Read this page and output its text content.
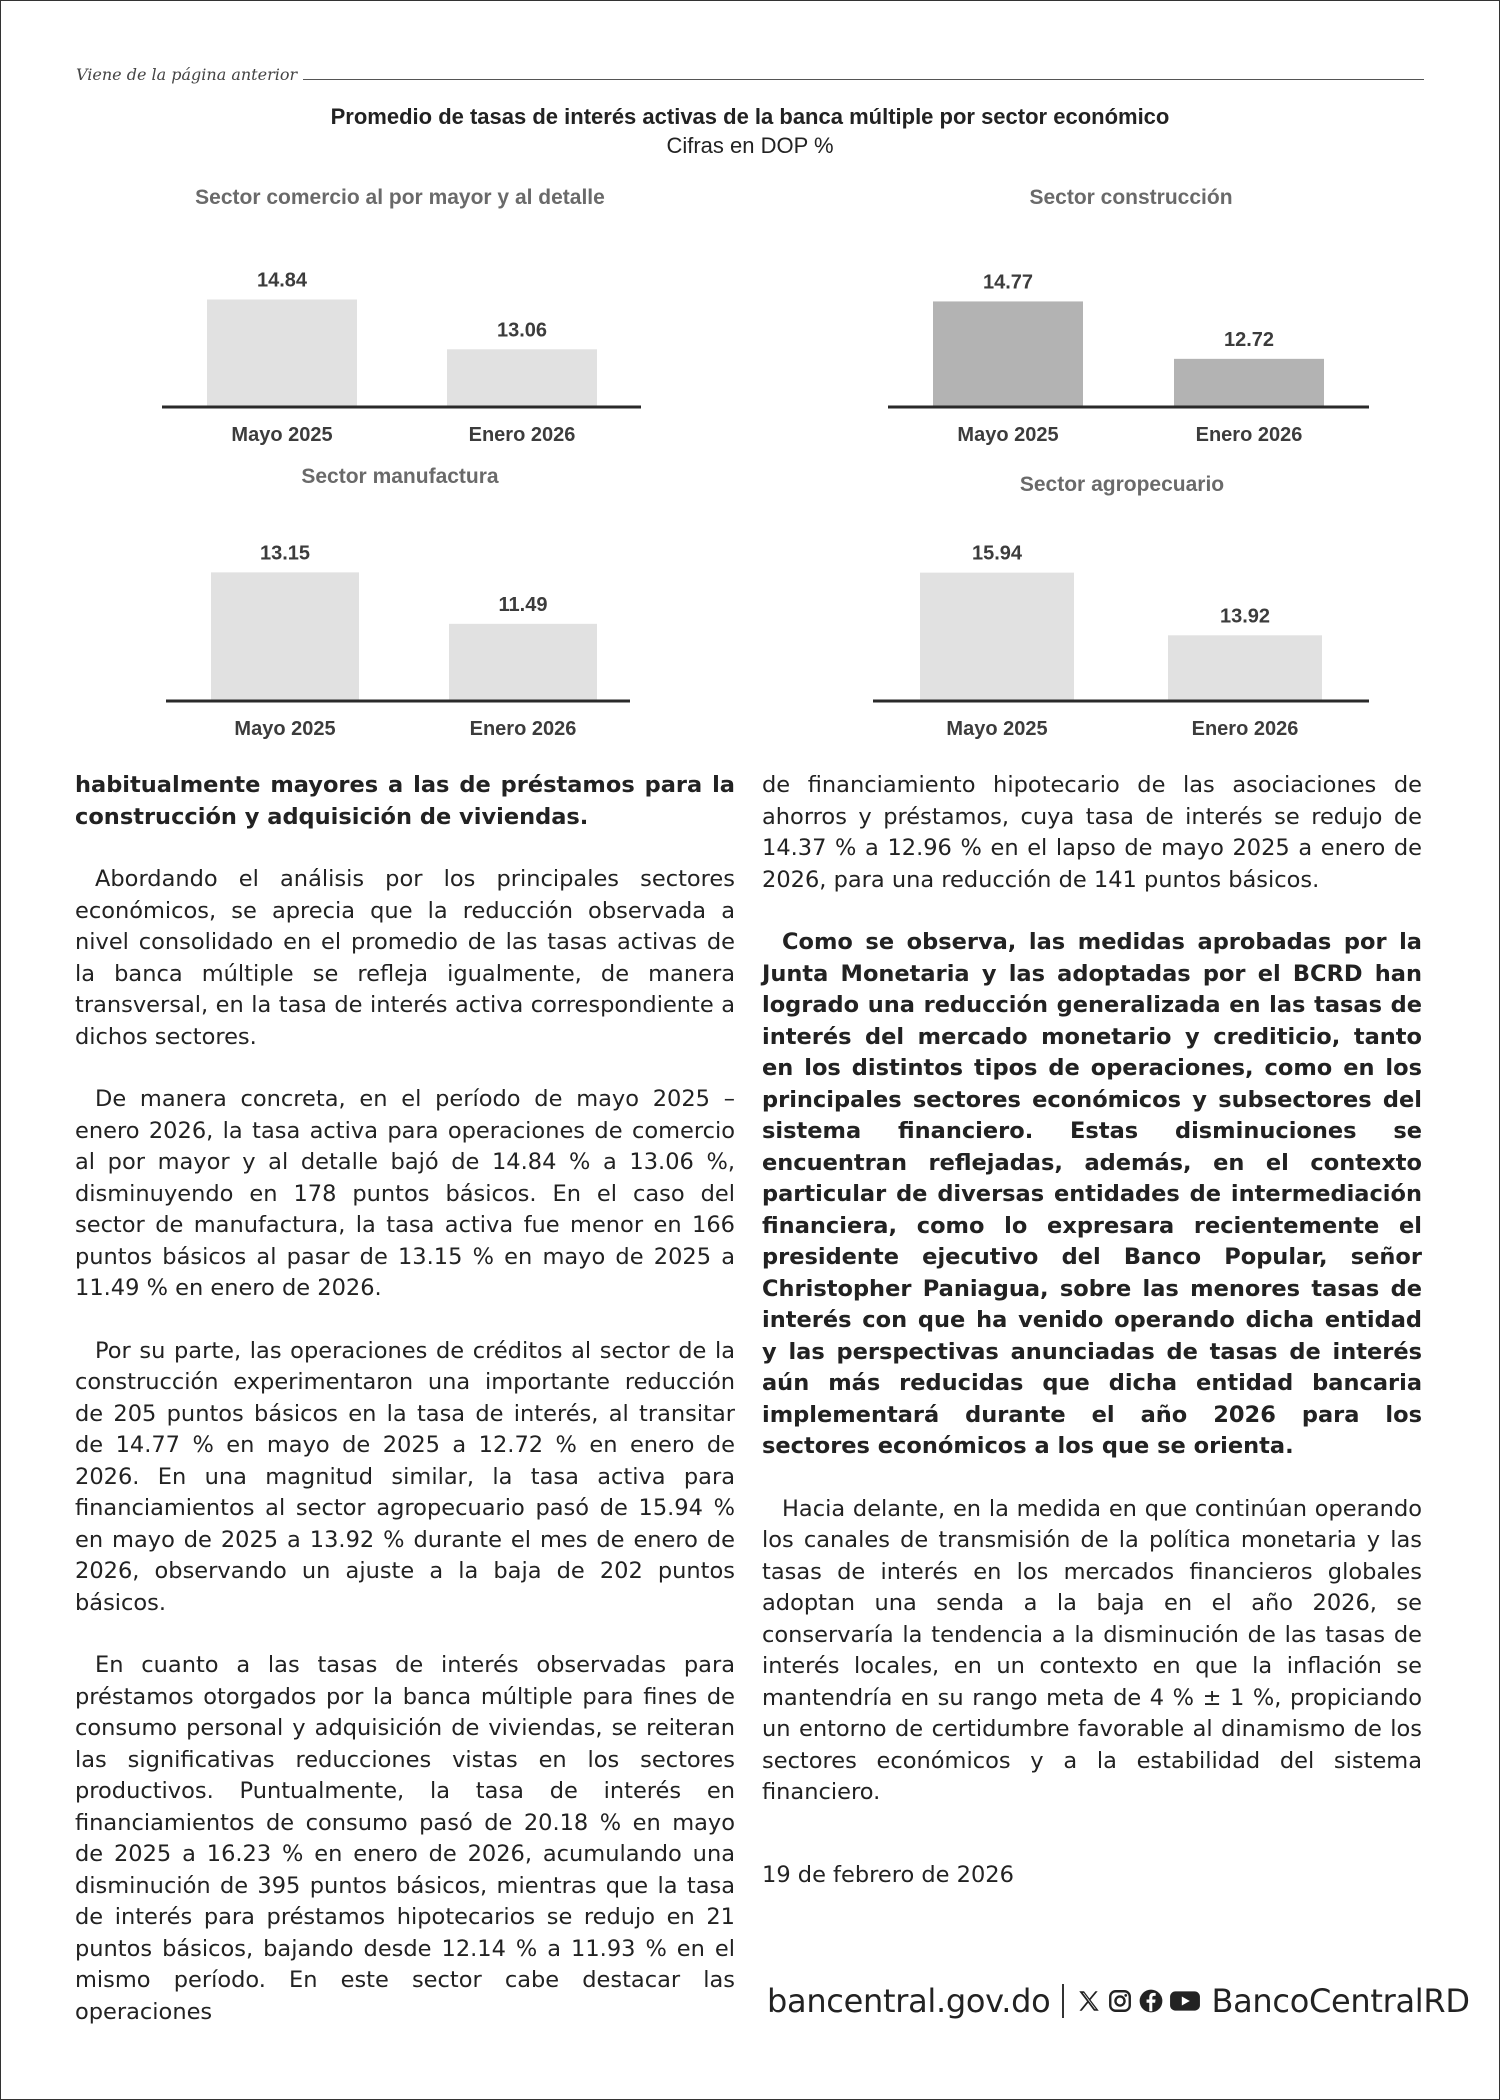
Viene de la página anterior
Promedio de tasas de interés activas de la banca múltiple por sector económico
Cifras en DOP %
Sector comercio al por mayor y al detalle
14.84
Mayo 2025
13.06
Enero 2026
Sector construcción
14.77
Mayo 2025
12.72
Enero 2026
Sector manufactura
13.15
Mayo 2025
11.49
Enero 2026
Sector agropecuario
15.94
Mayo 2025
13.92
Enero 2026

habitualmente mayores a las de préstamos para la construcción y adquisición de viviendas.

Abordando el análisis por los principales sectores económicos, se aprecia que la reducción observada a nivel consolidado en el promedio de las tasas activas de la banca múltiple se refleja igualmente, de manera transversal, en la tasa de interés activa correspondiente a dichos sectores.

De manera concreta, en el período de mayo 2025 – enero 2026, la tasa activa para operaciones de comercio al por mayor y al detalle bajó de 14.84 % a 13.06 %, disminuyendo en 178 puntos básicos. En el caso del sector de manufactura, la tasa activa fue menor en 166 puntos básicos al pasar de 13.15 % en mayo de 2025 a 11.49 % en enero de 2026.

Por su parte, las operaciones de créditos al sector de la construcción experimentaron una importante reducción de 205 puntos básicos en la tasa de interés, al transitar de 14.77 % en mayo de 2025 a 12.72 % en enero de 2026. En una magnitud similar, la tasa activa para financiamientos al sector agropecuario pasó de 15.94 % en mayo de 2025 a 13.92 % durante el mes de enero de 2026, observando un ajuste a la baja de 202 puntos básicos.

En cuanto a las tasas de interés observadas para préstamos otorgados por la banca múltiple para fines de consumo personal y adquisición de viviendas, se reiteran las significativas reducciones vistas en los sectores productivos. Puntualmente, la tasa de interés en financiamientos de consumo pasó de 20.18 % en mayo de 2025 a 16.23 % en enero de 2026, acumulando una disminución de 395 puntos básicos, mientras que la tasa de interés para préstamos hipotecarios se redujo en 21 puntos básicos, bajando desde 12.14 % a 11.93 % en el mismo período. En este sector cabe destacar las operaciones

de financiamiento hipotecario de las asociaciones de ahorros y préstamos, cuya tasa de interés se redujo de 14.37 % a 12.96 % en el lapso de mayo 2025 a enero de 2026, para una reducción de 141 puntos básicos.

Como se observa, las medidas aprobadas por la Junta Monetaria y las adoptadas por el BCRD han logrado una reducción generalizada en las tasas de interés del mercado monetario y crediticio, tanto en los distintos tipos de operaciones, como en los principales sectores económicos y subsectores del sistema financiero. Estas disminuciones se encuentran reflejadas, además, en el contexto particular de diversas entidades de intermediación financiera, como lo expresara recientemente el presidente ejecutivo del Banco Popular, señor Christopher Paniagua, sobre las menores tasas de interés con que ha venido operando dicha entidad y las perspectivas anunciadas de tasas de interés aún más reducidas que dicha entidad bancaria implementará durante el año 2026 para los sectores económicos a los que se orienta.

Hacia delante, en la medida en que continúan operando los canales de transmisión de la política monetaria y las tasas de interés en los mercados financieros globales adoptan una senda a la baja en el año 2026, se conservaría la tendencia a la disminución de las tasas de interés locales, en un contexto en que la inflación se mantendría en su rango meta de 4 % ± 1 %, propiciando un entorno de certidumbre favorable al dinamismo de los sectores económicos y a la estabilidad del sistema financiero.

19 de febrero de 2026
bancentral.gov.do	BancoCentralRD
